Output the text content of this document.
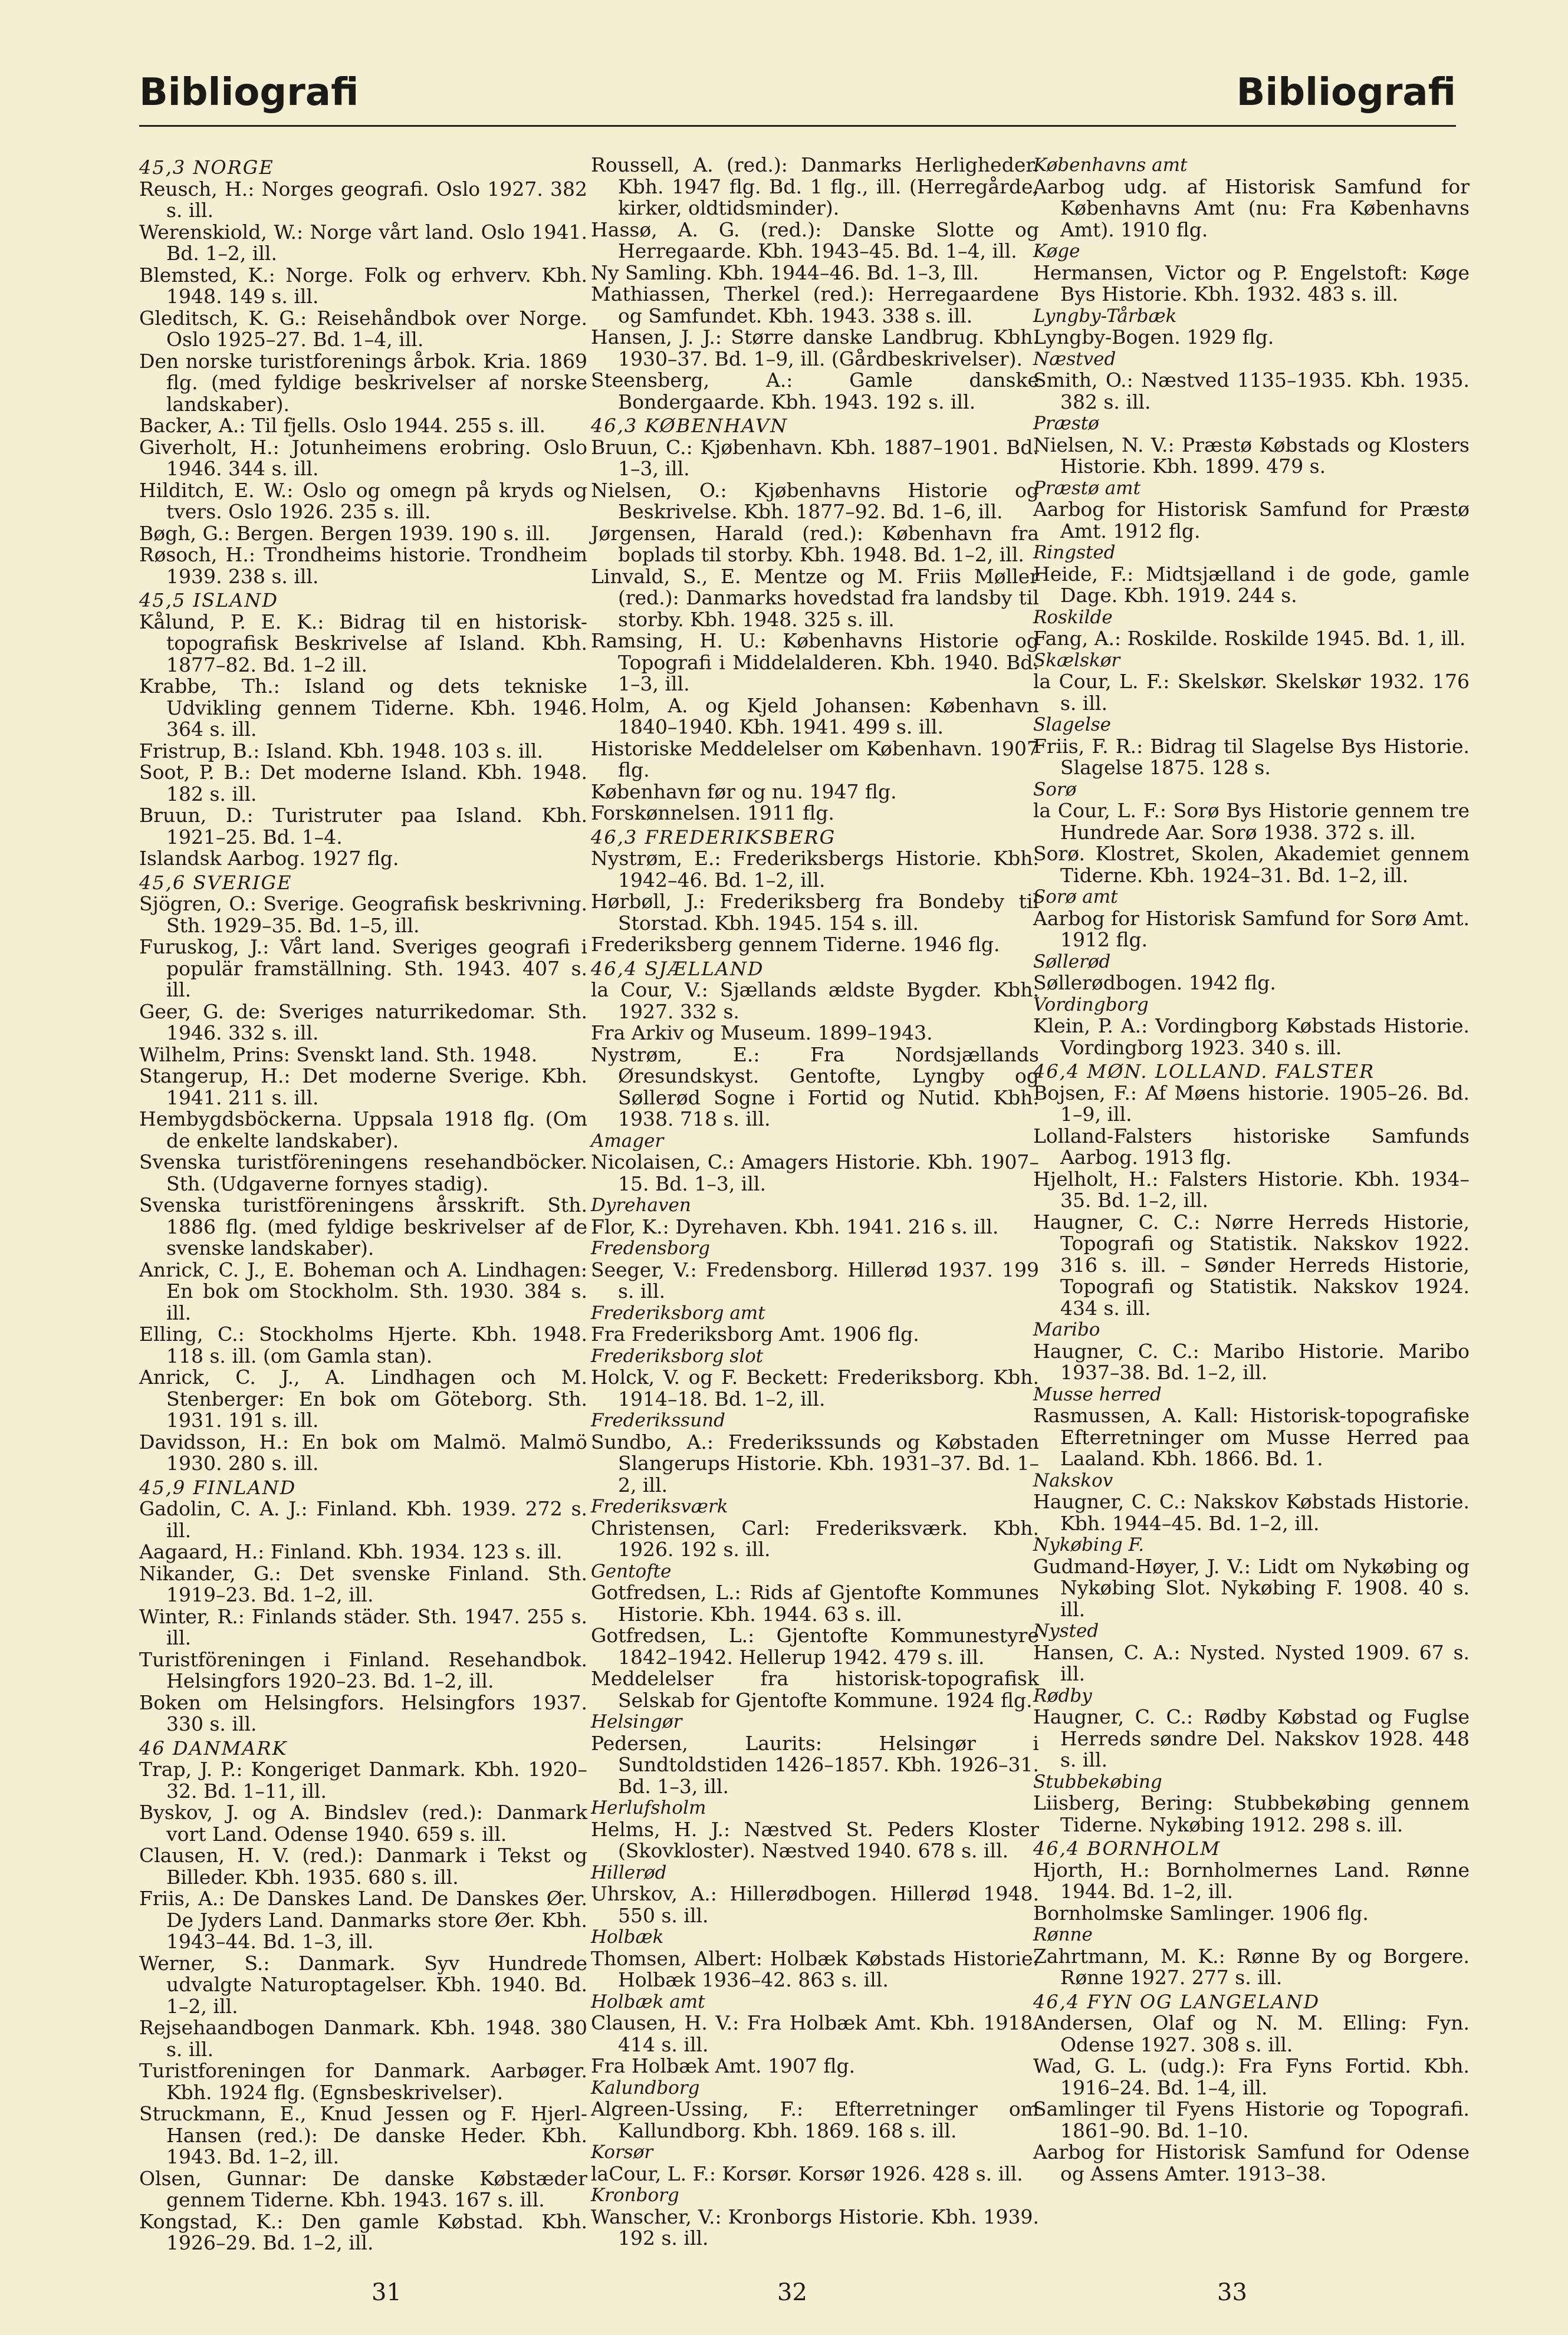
Bibliografi	Bibliografi
45,3 NORGE
Reusch, H.: Norges geografi. Oslo 1927. 382 s. ill.
Werenskiold, W.: Norge vårt land. Oslo 1941. Bd. 1–2, ill.
Blemsted, K.: Norge. Folk og erhverv. Kbh. 1948. 149 s. ill.
Gleditsch, K. G.: Reisehåndbok over Norge. Oslo 1925–27. Bd. 1–4, ill.
Den norske turistforenings årbok. Kria. 1869 flg. (med fyldige beskrivelser af norske landskaber).
Backer, A.: Til fjells. Oslo 1944. 255 s. ill.
Giverholt, H.: Jotunheimens erobring. Oslo 1946. 344 s. ill.
Hilditch, E. W.: Oslo og omegn på kryds og tvers. Oslo 1926. 235 s. ill.
Bøgh, G.: Bergen. Bergen 1939. 190 s. ill.
Røsoch, H.: Trondheims historie. Trondheim 1939. 238 s. ill.
45,5 ISLAND
Kålund, P. E. K.: Bidrag til en historisk-topografisk Beskrivelse af Island. Kbh. 1877–82. Bd. 1–2 ill.
Krabbe, Th.: Island og dets tekniske Udvikling gennem Tiderne. Kbh. 1946. 364 s. ill.
Fristrup, B.: Island. Kbh. 1948. 103 s. ill.
Soot, P. B.: Det moderne Island. Kbh. 1948. 182 s. ill.
Bruun, D.: Turistruter paa Island. Kbh. 1921–25. Bd. 1–4.
Islandsk Aarbog. 1927 flg.
45,6 SVERIGE
Sjögren, O.: Sverige. Geografisk beskrivning. Sth. 1929–35. Bd. 1–5, ill.
Furuskog, J.: Vårt land. Sveriges geografi i populär framställning. Sth. 1943. 407 s. ill.
Geer, G. de: Sveriges naturrikedomar. Sth. 1946. 332 s. ill.
Wilhelm, Prins: Svenskt land. Sth. 1948.
Stangerup, H.: Det moderne Sverige. Kbh. 1941. 211 s. ill.
Hembygdsböckerna. Uppsala 1918 flg. (Om de enkelte landskaber).
Svenska turistföreningens resehandböcker. Sth. (Udgaverne fornyes stadig).
Svenska turistföreningens årsskrift. Sth. 1886 flg. (med fyldige beskrivelser af de svenske landskaber).
Anrick, C. J., E. Boheman och A. Lindhagen: En bok om Stockholm. Sth. 1930. 384 s. ill.
Elling, C.: Stockholms Hjerte. Kbh. 1948. 118 s. ill. (om Gamla stan).
Anrick, C. J., A. Lindhagen och M. Stenberger: En bok om Göteborg. Sth. 1931. 191 s. ill.
Davidsson, H.: En bok om Malmö. Malmö 1930. 280 s. ill.
45,9 FINLAND
Gadolin, C. A. J.: Finland. Kbh. 1939. 272 s. ill.
Aagaard, H.: Finland. Kbh. 1934. 123 s. ill.
Nikander, G.: Det svenske Finland. Sth. 1919–23. Bd. 1–2, ill.
Winter, R.: Finlands städer. Sth. 1947. 255 s. ill.
Turistföreningen i Finland. Resehandbok. Helsingfors 1920–23. Bd. 1–2, ill.
Boken om Helsingfors. Helsingfors 1937. 330 s. ill.
46 DANMARK
Trap, J. P.: Kongeriget Danmark. Kbh. 1920–32. Bd. 1–11, ill.
Byskov, J. og A. Bindslev (red.): Danmark vort Land. Odense 1940. 659 s. ill.
Clausen, H. V. (red.): Danmark i Tekst og Billeder. Kbh. 1935. 680 s. ill.
Friis, A.: De Danskes Land. De Danskes Øer. De Jyders Land. Danmarks store Øer. Kbh. 1943–44. Bd. 1–3, ill.
Werner, S.: Danmark. Syv Hundrede udvalgte Naturoptagelser. Kbh. 1940. Bd. 1–2, ill.
Rejsehaandbogen Danmark. Kbh. 1948. 380 s. ill.
Turistforeningen for Danmark. Aarbøger. Kbh. 1924 flg. (Egnsbeskrivelser).
Struckmann, E., Knud Jessen og F. Hjerl-Hansen (red.): De danske Heder. Kbh. 1943. Bd. 1–2, ill.
Olsen, Gunnar: De danske Købstæder gennem Tiderne. Kbh. 1943. 167 s. ill.
Kongstad, K.: Den gamle Købstad. Kbh. 1926–29. Bd. 1–2, ill.
Roussell, A. (red.): Danmarks Herligheder. Kbh. 1947 flg. Bd. 1 flg., ill. (Herregårde, kirker, oldtidsminder).
Hassø, A. G. (red.): Danske Slotte og Herregaarde. Kbh. 1943–45. Bd. 1–4, ill.
Ny Samling. Kbh. 1944–46. Bd. 1–3, Ill.
Mathiassen, Therkel (red.): Herregaardene og Samfundet. Kbh. 1943. 338 s. ill.
Hansen, J. J.: Større danske Landbrug. Kbh. 1930–37. Bd. 1–9, ill. (Gårdbeskrivelser).
Steensberg, A.: Gamle danske Bondergaarde. Kbh. 1943. 192 s. ill.
46,3 KØBENHAVN
Bruun, C.: Kjøbenhavn. Kbh. 1887–1901. Bd. 1–3, ill.
Nielsen, O.: Kjøbenhavns Historie og Beskrivelse. Kbh. 1877–92. Bd. 1–6, ill.
Jørgensen, Harald (red.): København fra boplads til storby. Kbh. 1948. Bd. 1–2, ill.
Linvald, S., E. Mentze og M. Friis Møller (red.): Danmarks hovedstad fra landsby til storby. Kbh. 1948. 325 s. ill.
Ramsing, H. U.: Københavns Historie og Topografi i Middelalderen. Kbh. 1940. Bd. 1–3, ill.
Holm, A. og Kjeld Johansen: København 1840–1940. Kbh. 1941. 499 s. ill.
Historiske Meddelelser om København. 1907 flg.
København før og nu. 1947 flg.
Forskønnelsen. 1911 flg.
46,3 FREDERIKSBERG
Nystrøm, E.: Frederiksbergs Historie. Kbh. 1942–46. Bd. 1–2, ill.
Hørbøll, J.: Frederiksberg fra Bondeby til Storstad. Kbh. 1945. 154 s. ill.
Frederiksberg gennem Tiderne. 1946 flg.
46,4 SJÆLLAND
la Cour, V.: Sjællands ældste Bygder. Kbh. 1927. 332 s.
Fra Arkiv og Museum. 1899–1943.
Nystrøm, E.: Fra Nordsjællands Øresundskyst. Gentofte, Lyngby og Søllerød Sogne i Fortid og Nutid. Kbh. 1938. 718 s. ill.
Amager
Nicolaisen, C.: Amagers Historie. Kbh. 1907–15. Bd. 1–3, ill.
Dyrehaven
Flor, K.: Dyrehaven. Kbh. 1941. 216 s. ill.
Fredensborg
Seeger, V.: Fredensborg. Hillerød 1937. 199 s. ill.
Frederiksborg amt
Fra Frederiksborg Amt. 1906 flg.
Frederiksborg slot
Holck, V. og F. Beckett: Frederiksborg. Kbh. 1914–18. Bd. 1–2, ill.
Frederikssund
Sundbo, A.: Frederikssunds og Købstaden Slangerups Historie. Kbh. 1931–37. Bd. 1–2, ill.
Frederiksværk
Christensen, Carl: Frederiksværk. Kbh. 1926. 192 s. ill.
Gentofte
Gotfredsen, L.: Rids af Gjentofte Kommunes Historie. Kbh. 1944. 63 s. ill.
Gotfredsen, L.: Gjentofte Kommunestyre 1842–1942. Hellerup 1942. 479 s. ill.
Meddelelser fra historisk-topografisk Selskab for Gjentofte Kommune. 1924 flg.
Helsingør
Pedersen, Laurits: Helsingør i Sundtoldstiden 1426–1857. Kbh. 1926–31. Bd. 1–3, ill.
Herlufsholm
Helms, H. J.: Næstved St. Peders Kloster (Skovkloster). Næstved 1940. 678 s. ill.
Hillerød
Uhrskov, A.: Hillerødbogen. Hillerød 1948. 550 s. ill.
Holbæk
Thomsen, Albert: Holbæk Købstads Historie. Holbæk 1936–42. 863 s. ill.
Holbæk amt
Clausen, H. V.: Fra Holbæk Amt. Kbh. 1918. 414 s. ill.
Fra Holbæk Amt. 1907 flg.
Kalundborg
Algreen-Ussing, F.: Efterretninger om Kallundborg. Kbh. 1869. 168 s. ill.
Korsør
laCour, L. F.: Korsør. Korsør 1926. 428 s. ill.
Kronborg
Wanscher, V.: Kronborgs Historie. Kbh. 1939. 192 s. ill.
Københavns amt
Aarbog udg. af Historisk Samfund for Københavns Amt (nu: Fra Københavns Amt). 1910 flg.
Køge
Hermansen, Victor og P. Engelstoft: Køge Bys Historie. Kbh. 1932. 483 s. ill.
Lyngby-Tårbæk
Lyngby-Bogen. 1929 flg.
Næstved
Smith, O.: Næstved 1135–1935. Kbh. 1935. 382 s. ill.
Præstø
Nielsen, N. V.: Præstø Købstads og Klosters Historie. Kbh. 1899. 479 s.
Præstø amt
Aarbog for Historisk Samfund for Præstø Amt. 1912 flg.
Ringsted
Heide, F.: Midtsjælland i de gode, gamle Dage. Kbh. 1919. 244 s.
Roskilde
Fang, A.: Roskilde. Roskilde 1945. Bd. 1, ill.
Skælskør
la Cour, L. F.: Skelskør. Skelskør 1932. 176 s. ill.
Slagelse
Friis, F. R.: Bidrag til Slagelse Bys Historie. Slagelse 1875. 128 s.
Sorø
la Cour, L. F.: Sorø Bys Historie gennem tre Hundrede Aar. Sorø 1938. 372 s. ill.
Sorø. Klostret, Skolen, Akademiet gennem Tiderne. Kbh. 1924–31. Bd. 1–2, ill.
Sorø amt
Aarbog for Historisk Samfund for Sorø Amt. 1912 flg.
Søllerød
Søllerødbogen. 1942 flg.
Vordingborg
Klein, P. A.: Vordingborg Købstads Historie. Vordingborg 1923. 340 s. ill.
46,4 MØN. LOLLAND. FALSTER
Bojsen, F.: Af Møens historie. 1905–26. Bd. 1–9, ill.
Lolland-Falsters historiske Samfunds Aarbog. 1913 flg.
Hjelholt, H.: Falsters Historie. Kbh. 1934–35. Bd. 1–2, ill.
Haugner, C. C.: Nørre Herreds Historie, Topografi og Statistik. Nakskov 1922. 316 s. ill. – Sønder Herreds Historie, Topografi og Statistik. Nakskov 1924. 434 s. ill.
Maribo
Haugner, C. C.: Maribo Historie. Maribo 1937–38. Bd. 1–2, ill.
Musse herred
Rasmussen, A. Kall: Historisk-topografiske Efterretninger om Musse Herred paa Laaland. Kbh. 1866. Bd. 1.
Nakskov
Haugner, C. C.: Nakskov Købstads Historie. Kbh. 1944–45. Bd. 1–2, ill.
Nykøbing F.
Gudmand-Høyer, J. V.: Lidt om Nykøbing og Nykøbing Slot. Nykøbing F. 1908. 40 s. ill.
Nysted
Hansen, C. A.: Nysted. Nysted 1909. 67 s. ill.
Rødby
Haugner, C. C.: Rødby Købstad og Fuglse Herreds søndre Del. Nakskov 1928. 448 s. ill.
Stubbekøbing
Liisberg, Bering: Stubbekøbing gennem Tiderne. Nykøbing 1912. 298 s. ill.
46,4 BORNHOLM
Hjorth, H.: Bornholmernes Land. Rønne 1944. Bd. 1–2, ill.
Bornholmske Samlinger. 1906 flg.
Rønne
Zahrtmann, M. K.: Rønne By og Borgere. Rønne 1927. 277 s. ill.
46,4 FYN OG LANGELAND
Andersen, Olaf og N. M. Elling: Fyn. Odense 1927. 308 s. ill.
Wad, G. L. (udg.): Fra Fyns Fortid. Kbh. 1916–24. Bd. 1–4, ill.
Samlinger til Fyens Historie og Topografi. 1861–90. Bd. 1–10.
Aarbog for Historisk Samfund for Odense og Assens Amter. 1913–38.
31	32	33
